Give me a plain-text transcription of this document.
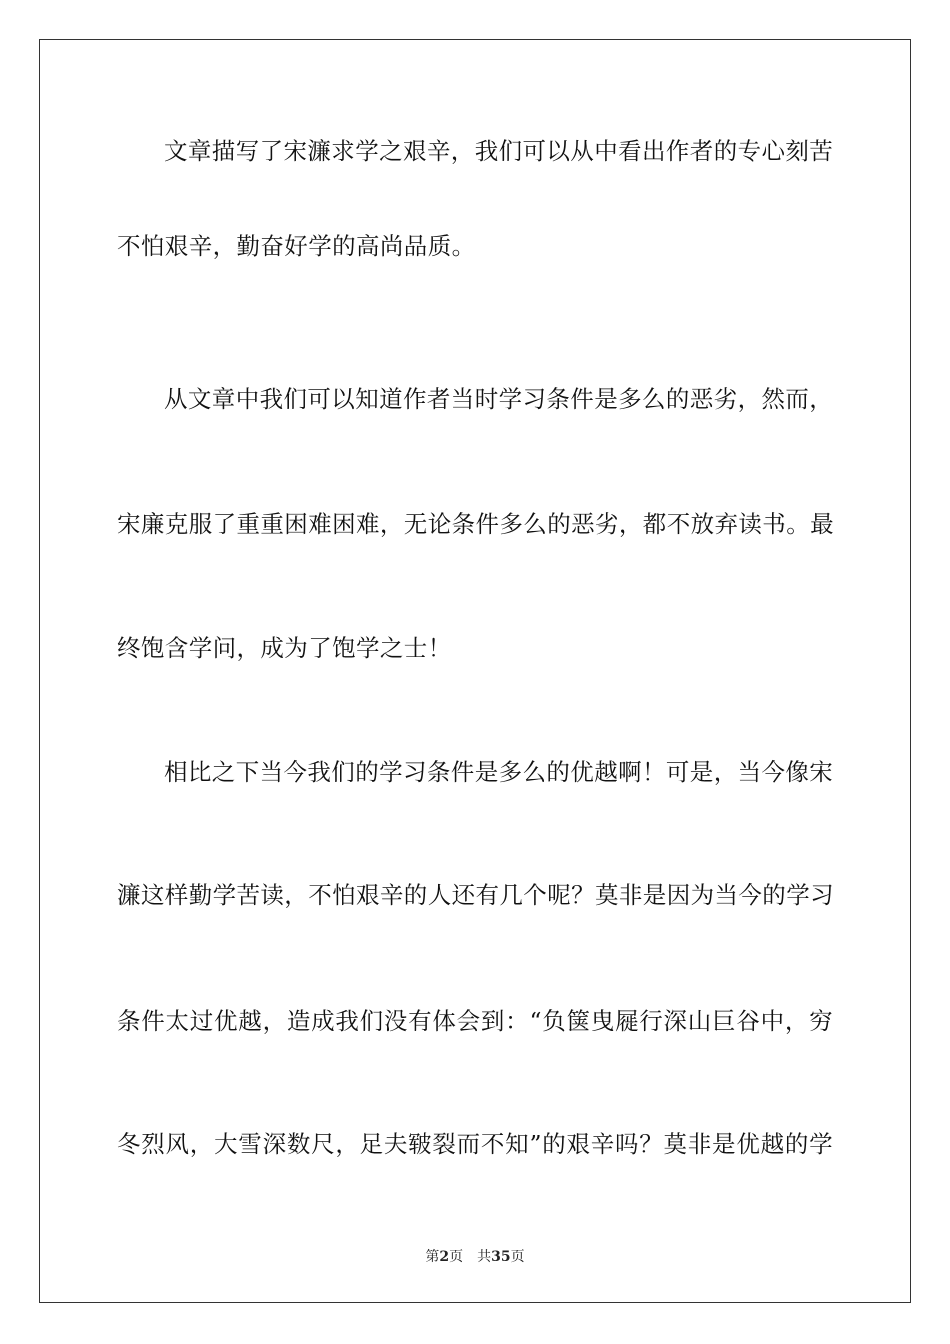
文章描写了宋濂求学之艰辛，我们可以从中看出作者的专心刻苦
不怕艰辛，勤奋好学的高尚品质。
从文章中我们可以知道作者当时学习条件是多么的恶劣，然而，
宋廉克服了重重困难困难，无论条件多么的恶劣，都不放弃读书。最
终饱含学问，成为了饱学之士！
相比之下当今我们的学习条件是多么的优越啊！可是，当今像宋
濂这样勤学苦读，不怕艰辛的人还有几个呢？莫非是因为当今的学习
条件太过优越，造成我们没有体会到：“负箧曳屣行深山巨谷中，穷
冬烈风，大雪深数尺，足夫皲裂而不知”的艰辛吗？莫非是优越的学
第2页 共35页
